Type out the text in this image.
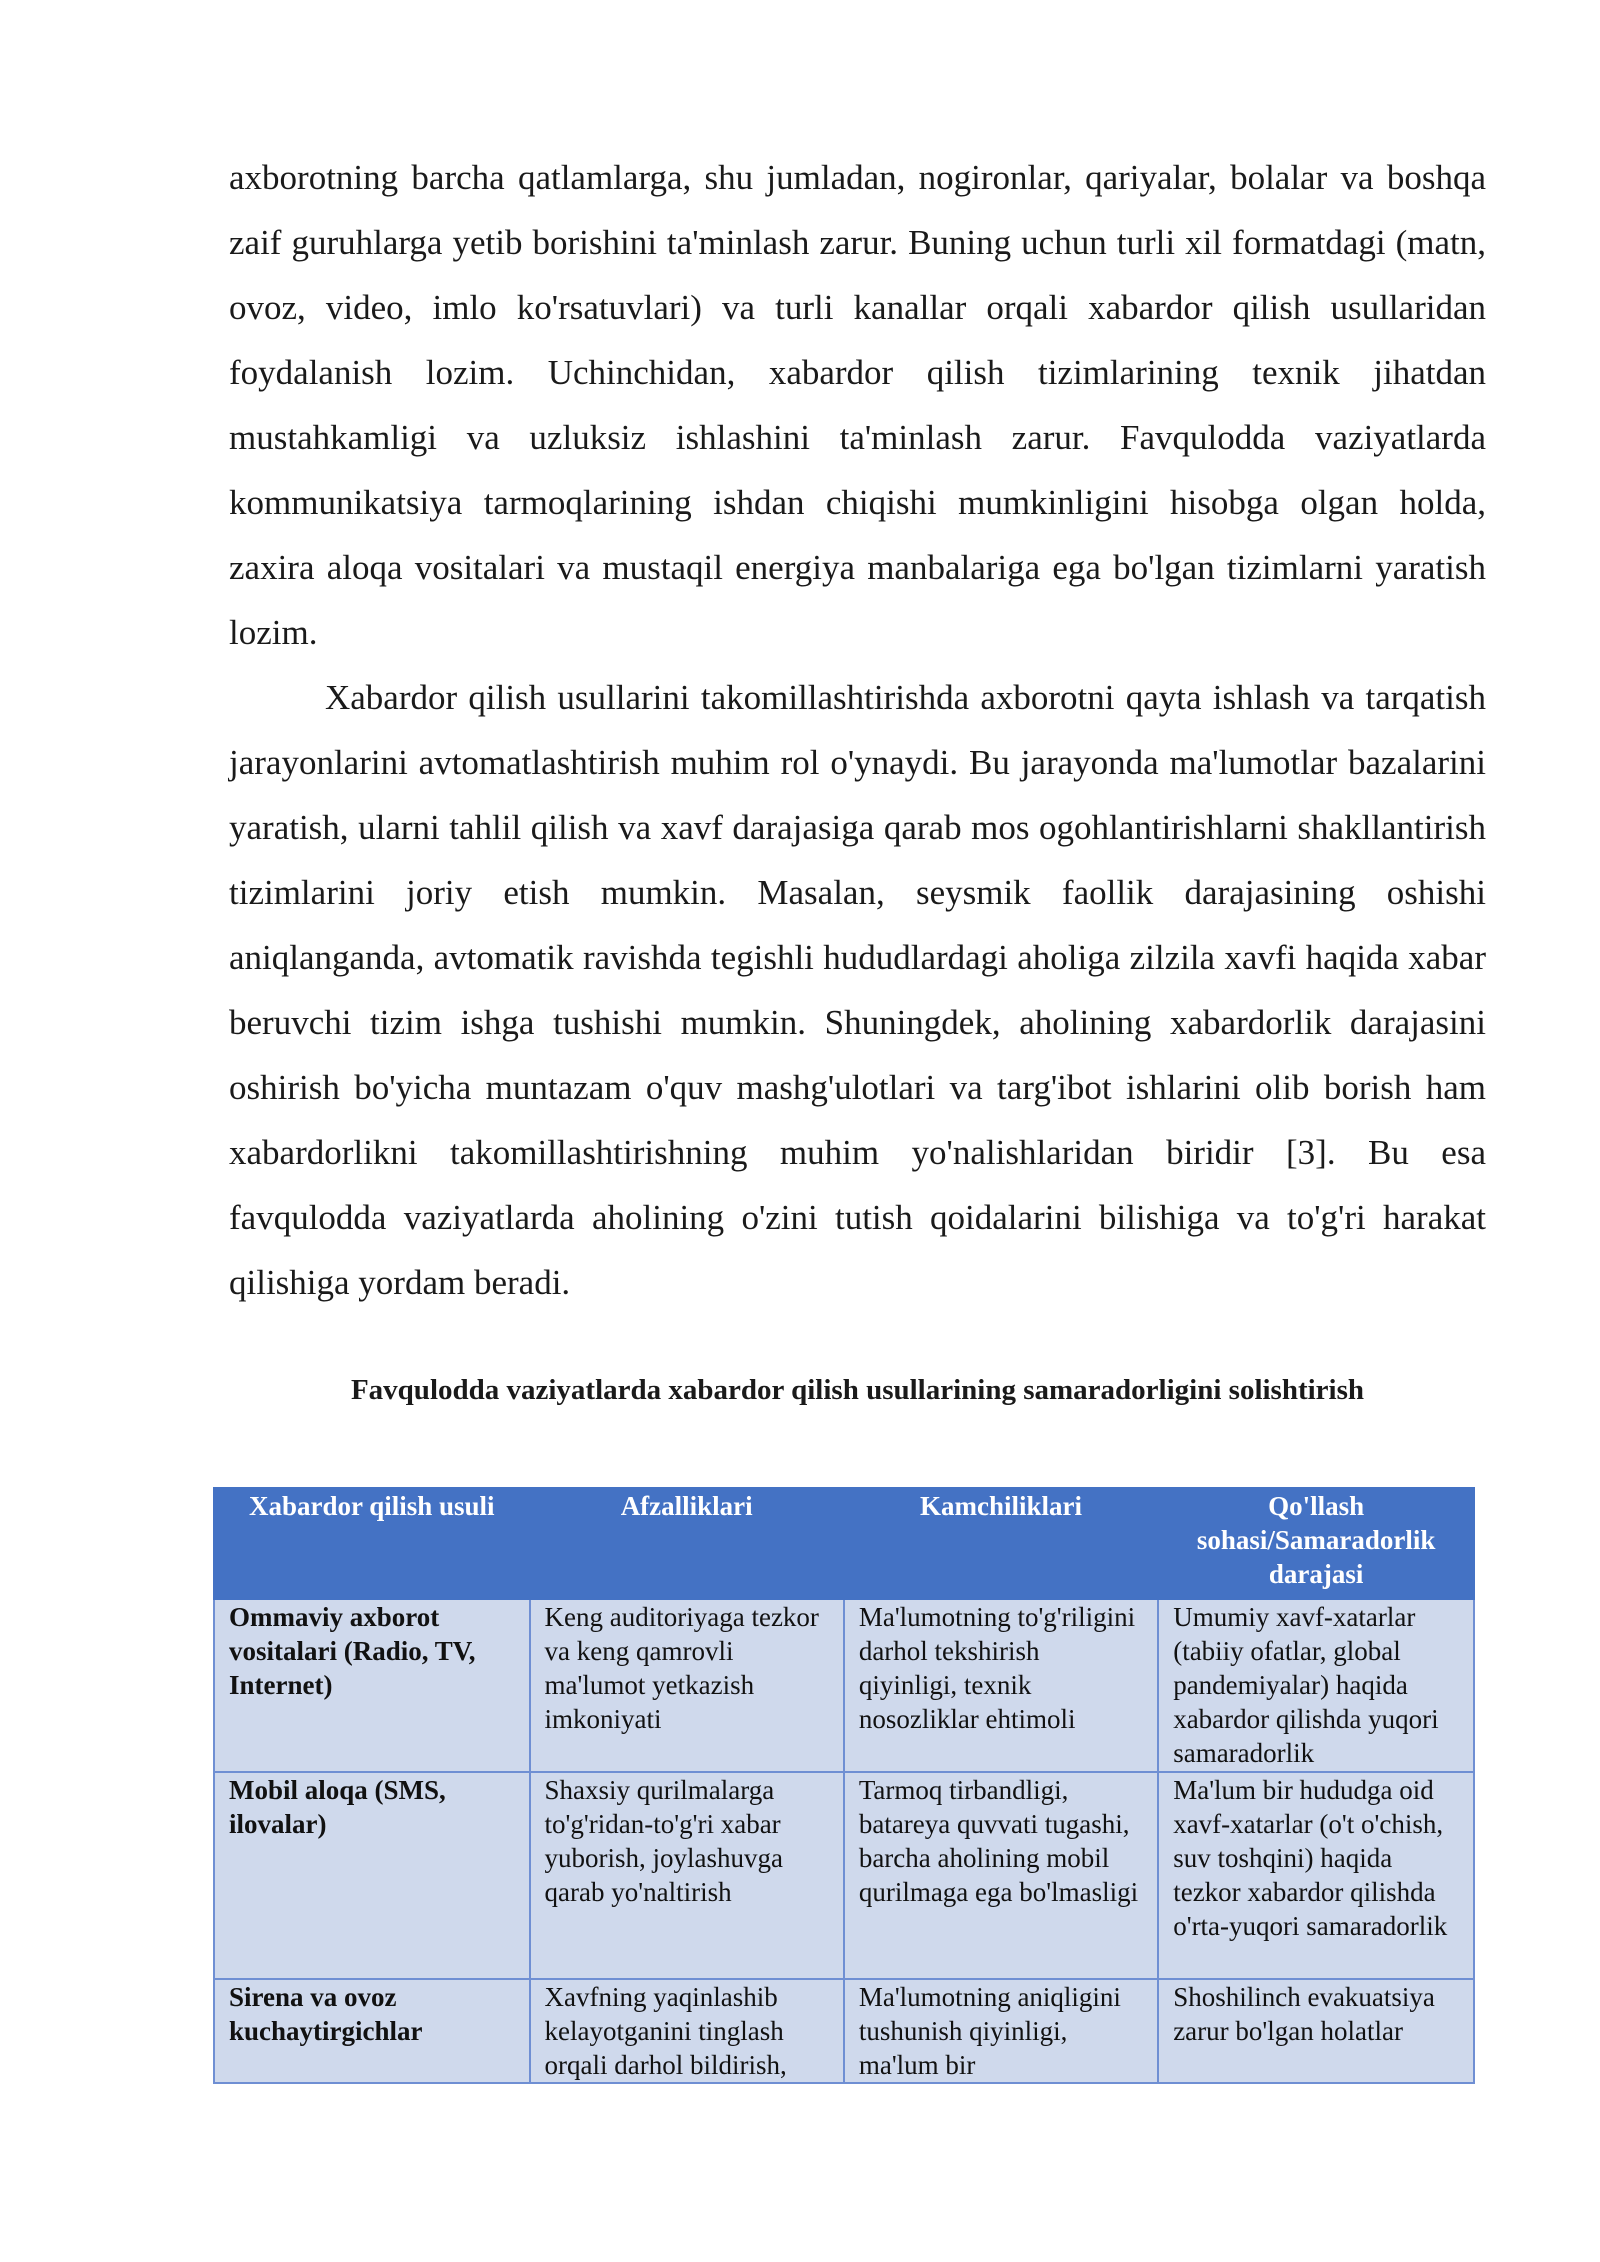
axborotning barcha qatlamlarga, shu jumladan, nogironlar, qariyalar, bolalar va boshqa zaif guruhlarga yetib borishini ta'minlash zarur. Buning uchun turli xil formatdagi (matn, ovoz, video, imlo ko'rsatuvlari) va turli kanallar orqali xabardor qilish usullaridan foydalanish lozim. Uchinchidan, xabardor qilish tizimlarining texnik jihatdan mustahkamligi va uzluksiz ishlashini ta'minlash zarur. Favqulodda vaziyatlarda kommunikatsiya tarmoqlarining ishdan chiqishi mumkinligini hisobga olgan holda, zaxira aloqa vositalari va mustaqil energiya manbalariga ega bo'lgan tizimlarni yaratish lozim.

Xabardor qilish usullarini takomillashtirishda axborotni qayta ishlash va tarqatish jarayonlarini avtomatlashtirish muhim rol o'ynaydi. Bu jarayonda ma'lumotlar bazalarini yaratish, ularni tahlil qilish va xavf darajasiga qarab mos ogohlantirishlarni shakllantirish tizimlarini joriy etish mumkin. Masalan, seysmik faollik darajasining oshishi aniqlanganda, avtomatik ravishda tegishli hududlardagi aholiga zilzila xavfi haqida xabar beruvchi tizim ishga tushishi mumkin. Shuningdek, aholining xabardorlik darajasini oshirish bo'yicha muntazam o'quv mashg'ulotlari va targ'ibot ishlarini olib borish ham xabardorlikni takomillashtirishning muhim yo'nalishlaridan biridir [3]. Bu esa favqulodda vaziyatlarda aholining o'zini tutish qoidalarini bilishiga va to'g'ri harakat qilishiga yordam beradi.

Favqulodda vaziyatlarda xabardor qilish usullarining samaradorligini solishtirish

Xabardor qilish usuli	Afzalliklari	Kamchiliklari	Qo'llash sohasi/Samaradorlik darajasi
Ommaviy axborot vositalari (Radio, TV, Internet)	Keng auditoriyaga tezkor va keng qamrovli ma'lumot yetkazish imkoniyati	Ma'lumotning to'g'riligini darhol tekshirish qiyinligi, texnik nosozliklar ehtimoli	Umumiy xavf-xatarlar (tabiiy ofatlar, global pandemiyalar) haqida xabardor qilishda yuqori samaradorlik
Mobil aloqa (SMS, ilovalar)	Shaxsiy qurilmalarga to'g'ridan-to'g'ri xabar yuborish, joylashuvga qarab yo'naltirish	Tarmoq tirbandligi, batareya quvvati tugashi, barcha aholining mobil qurilmaga ega bo'lmasligi	Ma'lum bir hududga oid xavf-xatarlar (o't o'chish, suv toshqini) haqida tezkor xabardor qilishda o'rta-yuqori samaradorlik
Sirena va ovoz kuchaytirgichlar	Xavfning yaqinlashib kelayotganini tinglash orqali darhol bildirish,	Ma'lumotning aniqligini tushunish qiyinligi, ma'lum bir	Shoshilinch evakuatsiya zarur bo'lgan holatlar
